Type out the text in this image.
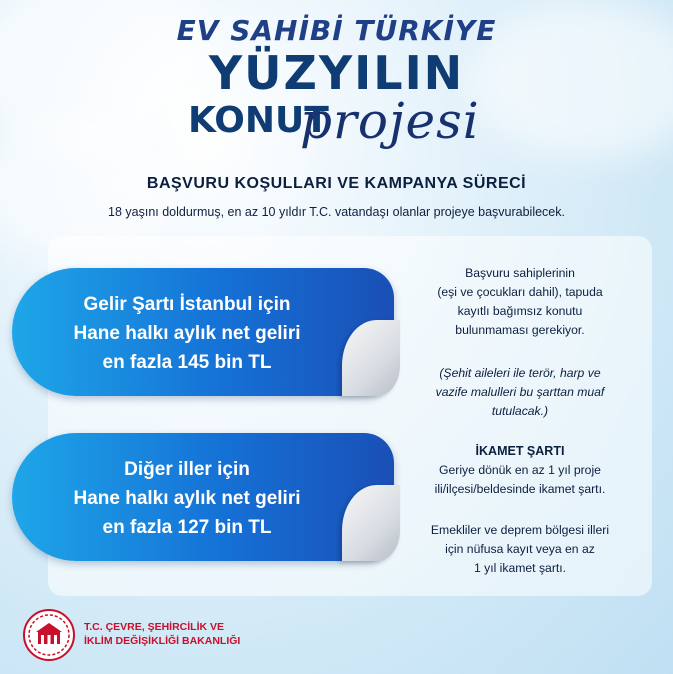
EV SAHİBİ TÜRKİYE
YÜZYILIN
KONUT
projesi
BAŞVURU KOŞULLARI VE KAMPANYA SÜRECİ
18 yaşını doldurmuş, en az 10 yıldır T.C. vatandaşı olanlar projeye başvurabilecek.
Gelir Şartı İstanbul için
Hane halkı aylık net geliri
en fazla 145 bin TL
Diğer iller için
Hane halkı aylık net geliri
en fazla 127 bin TL
Başvuru sahiplerinin
(eşi ve çocukları dahil), tapuda
kayıtlı bağımsız konutu
bulunmaması gerekiyor.
(Şehit aileleri ile terör, harp ve
vazife malulleri bu şarttan muaf
tutulacak.)
İKAMET ŞARTI
Geriye dönük en az 1 yıl proje
ili/ilçesi/beldesinde ikamet şartı.
Emekliler ve deprem bölgesi illeri
için nüfusa kayıt veya en az
1 yıl ikamet şartı.
T.C. ÇEVRE, ŞEHİRCİLİK VE
İKLİM DEĞİŞİKLİĞİ BAKANLIĞI
